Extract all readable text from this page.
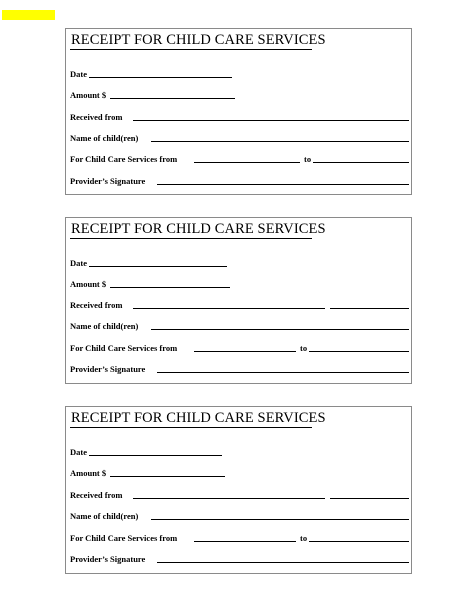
RECEIPT FOR CHILD CARE SERVICES
Date
Amount $
Received from
Name of child(ren)
For Child Care Services from	to
Provider’s Signature
RECEIPT FOR CHILD CARE SERVICES
Date
Amount $
Received from
Name of child(ren)
For Child Care Services from	to
Provider’s Signature
RECEIPT FOR CHILD CARE SERVICES
Date
Amount $
Received from
Name of child(ren)
For Child Care Services from	to
Provider’s Signature
